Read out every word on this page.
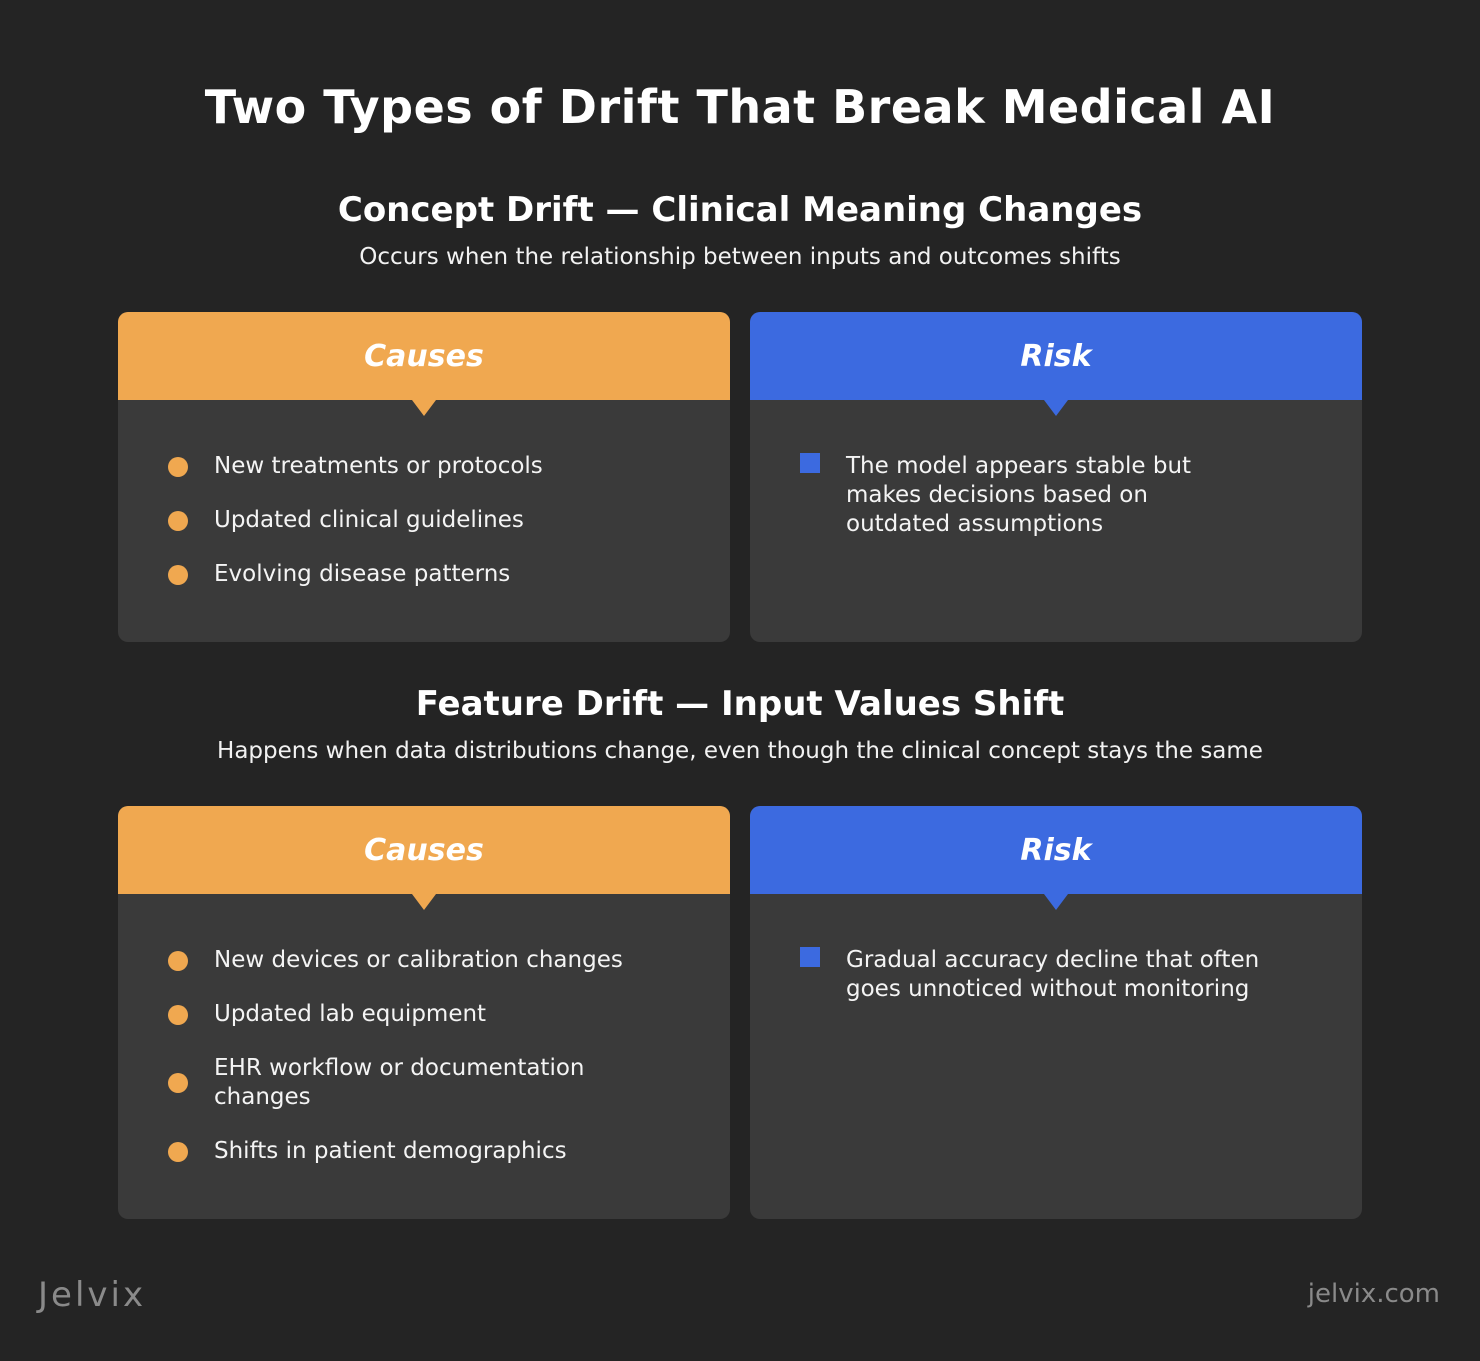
Two Types of Drift That Break Medical AI
Concept Drift — Clinical Meaning Changes
Occurs when the relationship between inputs and outcomes shifts
Causes
New treatments or protocols
Updated clinical guidelines
Evolving disease patterns
Risk
The model appears stable but makes decisions based on outdated assumptions
Feature Drift — Input Values Shift
Happens when data distributions change, even though the clinical concept stays the same
Causes
New devices or calibration changes
Updated lab equipment
EHR workflow or documentation changes
Shifts in patient demographics
Risk
Gradual accuracy decline that often goes unnoticed without monitoring
Jelvix	jelvix.com
